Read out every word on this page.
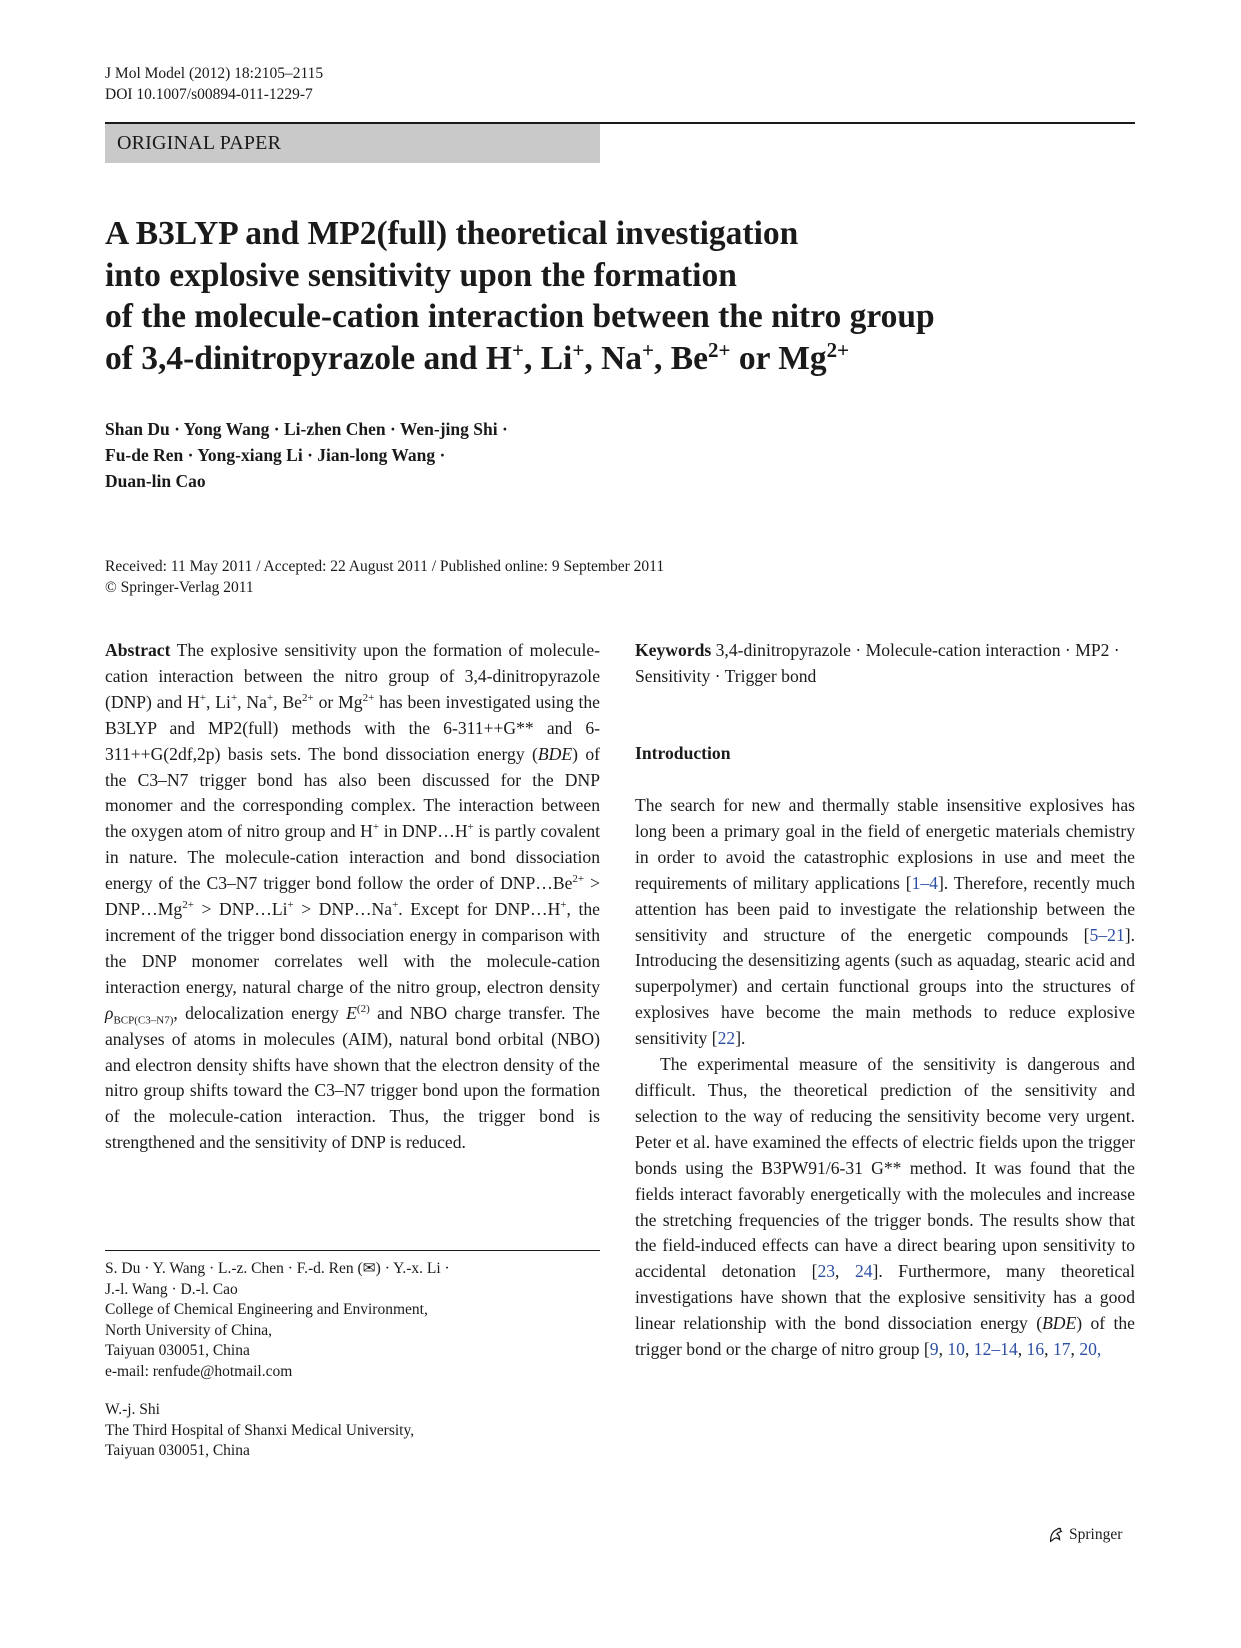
J Mol Model (2012) 18:2105–2115
DOI 10.1007/s00894-011-1229-7
ORIGINAL PAPER
A B3LYP and MP2(full) theoretical investigation
into explosive sensitivity upon the formation
of the molecule-cation interaction between the nitro group
of 3,4-dinitropyrazole and H+, Li+, Na+, $Be^{2+}$ or $Mg^{2+}$
Shan Du · Yong Wang · Li-zhen Chen · Wen-jing Shi ·
Fu-de Ren · Yong-xiang Li · Jian-long Wang ·
Duan-lin Cao
Received: 11 May 2011 / Accepted: 22 August 2011 / Published online: 9 September 2011
© Springer-Verlag 2011
Abstract The explosive sensitivity upon the formation of molecule-cation interaction between the nitro group of 3,4-dinitropyrazole (DNP) and H+, Li+, Na+, $Be^{2+}$ or $Mg^{2+}$ has been investigated using the B3LYP and MP2(full) methods with the 6-311++G** and 6-311++G(2df,2p) basis sets. The bond dissociation energy (BDE) of the C3–N7 trigger bond has also been discussed for the DNP monomer and the corresponding complex. The interaction between the oxygen atom of nitro group and H+ in DNP…H+ is partly covalent in nature. The molecule-cation interaction and bond dissociation energy of the C3–N7 trigger bond follow the order of $DNP\dots Be^{2+}$ > $DNP\dots Mg^{2+}$ > DNP…Li+ > DNP…Na+. Except for DNP…H+, the increment of the trigger bond dissociation energy in comparison with the DNP monomer correlates well with the molecule-cation interaction energy, natural charge of the nitro group, electron density $\rho_{BCP(C3-N7)}$, delocalization energy $E^{(2)}$ and NBO charge transfer. The analyses of atoms in molecules (AIM), natural bond orbital (NBO) and electron density shifts have shown that the electron density of the nitro group shifts toward the C3–N7 trigger bond upon the formation of the molecule-cation interaction. Thus, the trigger bond is strengthened and the sensitivity of DNP is reduced.
S. Du · Y. Wang · L.-z. Chen · F.-d. Ren (✉) · Y.-x. Li ·
J.-l. Wang · D.-l. Cao
College of Chemical Engineering and Environment,
North University of China,
Taiyuan 030051, China
e-mail: renfude@hotmail.com
W.-j. Shi
The Third Hospital of Shanxi Medical University,
Taiyuan 030051, China
Keywords 3,4-dinitropyrazole · Molecule-cation interaction · MP2 · Sensitivity · Trigger bond
Introduction

The search for new and thermally stable insensitive explosives has long been a primary goal in the field of energetic materials chemistry in order to avoid the catastrophic explosions in use and meet the requirements of military applications [1–4]. Therefore, recently much attention has been paid to investigate the relationship between the sensitivity and structure of the energetic compounds [5–21]. Introducing the desensitizing agents (such as aquadag, stearic acid and superpolymer) and certain functional groups into the structures of explosives have become the main methods to reduce explosive sensitivity [22].

The experimental measure of the sensitivity is dangerous and difficult. Thus, the theoretical prediction of the sensitivity and selection to the way of reducing the sensitivity become very urgent. Peter et al. have examined the effects of electric fields upon the trigger bonds using the B3PW91/6-31 G** method. It was found that the fields interact favorably energetically with the molecules and increase the stretching frequencies of the trigger bonds. The results show that the field-induced effects can have a direct bearing upon sensitivity to accidental detonation [23, 24]. Furthermore, many theoretical investigations have shown that the explosive sensitivity has a good linear relationship with the bond dissociation energy (BDE) of the trigger bond or the charge of nitro group [9, 10, 12–14, 16, 17, 20,

Springer
